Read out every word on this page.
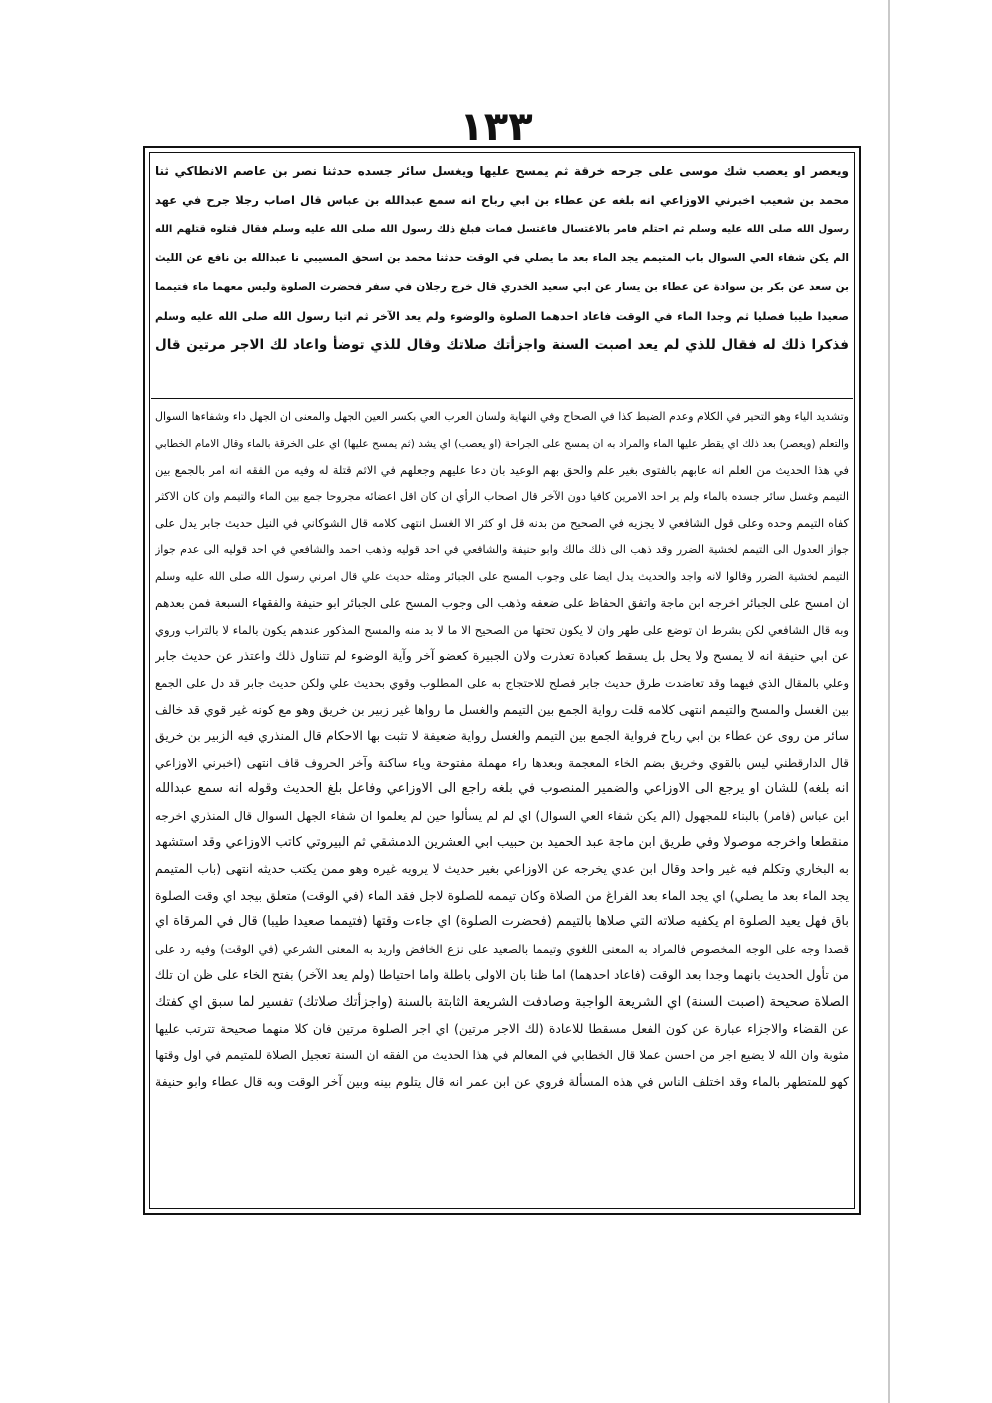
۱۳۳
ويعصر او يعصب شك موسى على جرحه خرقة ثم يمسح عليها ويغسل سائر جسده حدثنا نصر بن عاصم الانطاكي ثنا
محمد بن شعيب اخبرني الاوزاعي انه بلغه عن عطاء بن ابي رباح انه سمع عبدالله بن عباس قال اصاب رجلا جرح في عهد
رسول الله صلى الله عليه وسلم ثم احتلم فامر بالاغتسال فاغتسل فمات فبلغ ذلك رسول الله صلى الله عليه وسلم فقال قتلوه قتلهم الله
الم يكن شفاء العي السوال باب المتيمم يجد الماء بعد ما يصلي في الوقت حدثنا محمد بن اسحق المسيبي نا عبدالله بن نافع عن الليث
بن سعد عن بكر بن سوادة عن عطاء بن يسار عن ابي سعيد الخدري قال خرج رجلان في سفر فحضرت الصلوة وليس معهما ماء فتيمما
صعيدا طيبا فصليا ثم وجدا الماء في الوقت فاعاد احدهما الصلوة والوضوء ولم يعد الآخر ثم اتيا رسول الله صلى الله عليه وسلم
فذكرا ذلك له فقال للذي لم يعد اصبت السنة واجزأتك صلاتك وقال للذي توضأ واعاد لك الاجر مرتين قال
وتشديد الياء وهو التحير في الكلام وعدم الضبط كذا في الصحاح وفي النهاية ولسان العرب العي بكسر العين الجهل والمعنى ان الجهل داء وشفاءها السوال
والتعلم (ويعصر) بعد ذلك اي يقطر عليها الماء والمراد به ان يمسح على الجراحة (او يعصب) اي يشد (ثم يمسح عليها) اي على الخرقة بالماء وقال الامام الخطابي
في هذا الحديث من العلم انه عابهم بالفتوى بغير علم والحق بهم الوعيد بان دعا عليهم وجعلهم في الاثم قتلة له وفيه من الفقه انه امر بالجمع بين
التيمم وغسل سائر جسده بالماء ولم ير احد الامرين كافيا دون الآخر قال اصحاب الرأي ان كان اقل اعضائه مجروحا جمع بين الماء والتيمم وان كان الاكثر
كفاه التيمم وحده وعلى قول الشافعي لا يجزيه في الصحيح من بدنه قل او كثر الا الغسل انتهى كلامه قال الشوكاني في النيل حديث جابر يدل على
جواز العدول الى التيمم لخشية الضرر وقد ذهب الى ذلك مالك وابو حنيفة والشافعي في احد قوليه وذهب احمد والشافعي في احد قوليه الى عدم جواز
التيمم لخشية الضرر وقالوا لانه واجد والحديث يدل ايضا على وجوب المسح على الجبائر ومثله حديث علي قال امرني رسول الله صلى الله عليه وسلم
ان امسح على الجبائر اخرجه ابن ماجة واتفق الحفاظ على ضعفه وذهب الى وجوب المسح على الجبائر ابو حنيفة والفقهاء السبعة فمن بعدهم
وبه قال الشافعي لكن بشرط ان توضع على طهر وان لا يكون تحتها من الصحيح الا ما لا بد منه والمسح المذكور عندهم يكون بالماء لا بالتراب وروي
عن ابي حنيفة انه لا يمسح ولا يحل بل يسقط كعبادة تعذرت ولان الجبيرة كعضو آخر وآية الوضوء لم تتناول ذلك واعتذر عن حديث جابر
وعلي بالمقال الذي فيهما وقد تعاضدت طرق حديث جابر فصلح للاحتجاج به على المطلوب وقوي بحديث علي ولكن حديث جابر قد دل على الجمع
بين الغسل والمسح والتيمم انتهى كلامه قلت رواية الجمع بين التيمم والغسل ما رواها غير زبير بن خريق وهو مع كونه غير قوي قد خالف
سائر من روى عن عطاء بن ابي رباح فرواية الجمع بين التيمم والغسل رواية ضعيفة لا تثبت بها الاحكام قال المنذري فيه الزبير بن خريق
قال الدارقطني ليس بالقوي وخريق بضم الخاء المعجمة وبعدها راء مهملة مفتوحة وياء ساكنة وآخر الحروف قاف انتهى (اخبرني الاوزاعي
انه بلغه) للشان او يرجع الى الاوزاعي والضمير المنصوب في بلغه راجع الى الاوزاعي وفاعل بلغ الحديث وقوله انه سمع عبدالله
ابن عباس (فامر) بالبناء للمجهول (الم يكن شفاء العي السوال) اي لم لم يسألوا حين لم يعلموا ان شفاء الجهل السوال قال المنذري اخرجه
منقطعا واخرجه موصولا وفي طريق ابن ماجة عبد الحميد بن حبيب ابي العشرين الدمشقي ثم البيروتي كاتب الاوزاعي وقد استشهد
به البخاري وتكلم فيه غير واحد وقال ابن عدي يخرجه عن الاوزاعي بغير حديث لا يرويه غيره وهو ممن يكتب حديثه انتهى (باب المتيمم
يجد الماء بعد ما يصلي) اي يجد الماء بعد الفراغ من الصلاة وكان تيممه للصلوة لاجل فقد الماء (في الوقت) متعلق بيجد اي وقت الصلوة
باق فهل يعيد الصلوة ام يكفيه صلاته التي صلاها بالتيمم (فحضرت الصلوة) اي جاءت وقتها (فتيمما صعيدا طيبا) قال في المرقاة اي
قصدا وجه على الوجه المخصوص فالمراد به المعنى اللغوي وتيمما بالصعيد على نزع الخافض واريد به المعنى الشرعي (في الوقت) وفيه رد على
من تأول الحديث بانهما وجدا بعد الوقت (فاعاد احدهما) اما ظنا بان الاولى باطلة واما احتياطا (ولم يعد الآخر) بفتح الخاء على ظن ان تلك
الصلاة صحيحة (اصبت السنة) اي الشريعة الواجبة وصادفت الشريعة الثابتة بالسنة (واجزأتك صلاتك) تفسير لما سبق اي كفتك
عن القضاء والاجزاء عبارة عن كون الفعل مسقطا للاعادة (لك الاجر مرتين) اي اجر الصلوة مرتين فان كلا منهما صحيحة تترتب عليها
مثوبة وان الله لا يضيع اجر من احسن عملا قال الخطابي في المعالم في هذا الحديث من الفقه ان السنة تعجيل الصلاة للمتيمم في اول وقتها
كهو للمتطهر بالماء وقد اختلف الناس في هذه المسألة فروي عن ابن عمر انه قال يتلوم بينه وبين آخر الوقت وبه قال عطاء وابو حنيفة
